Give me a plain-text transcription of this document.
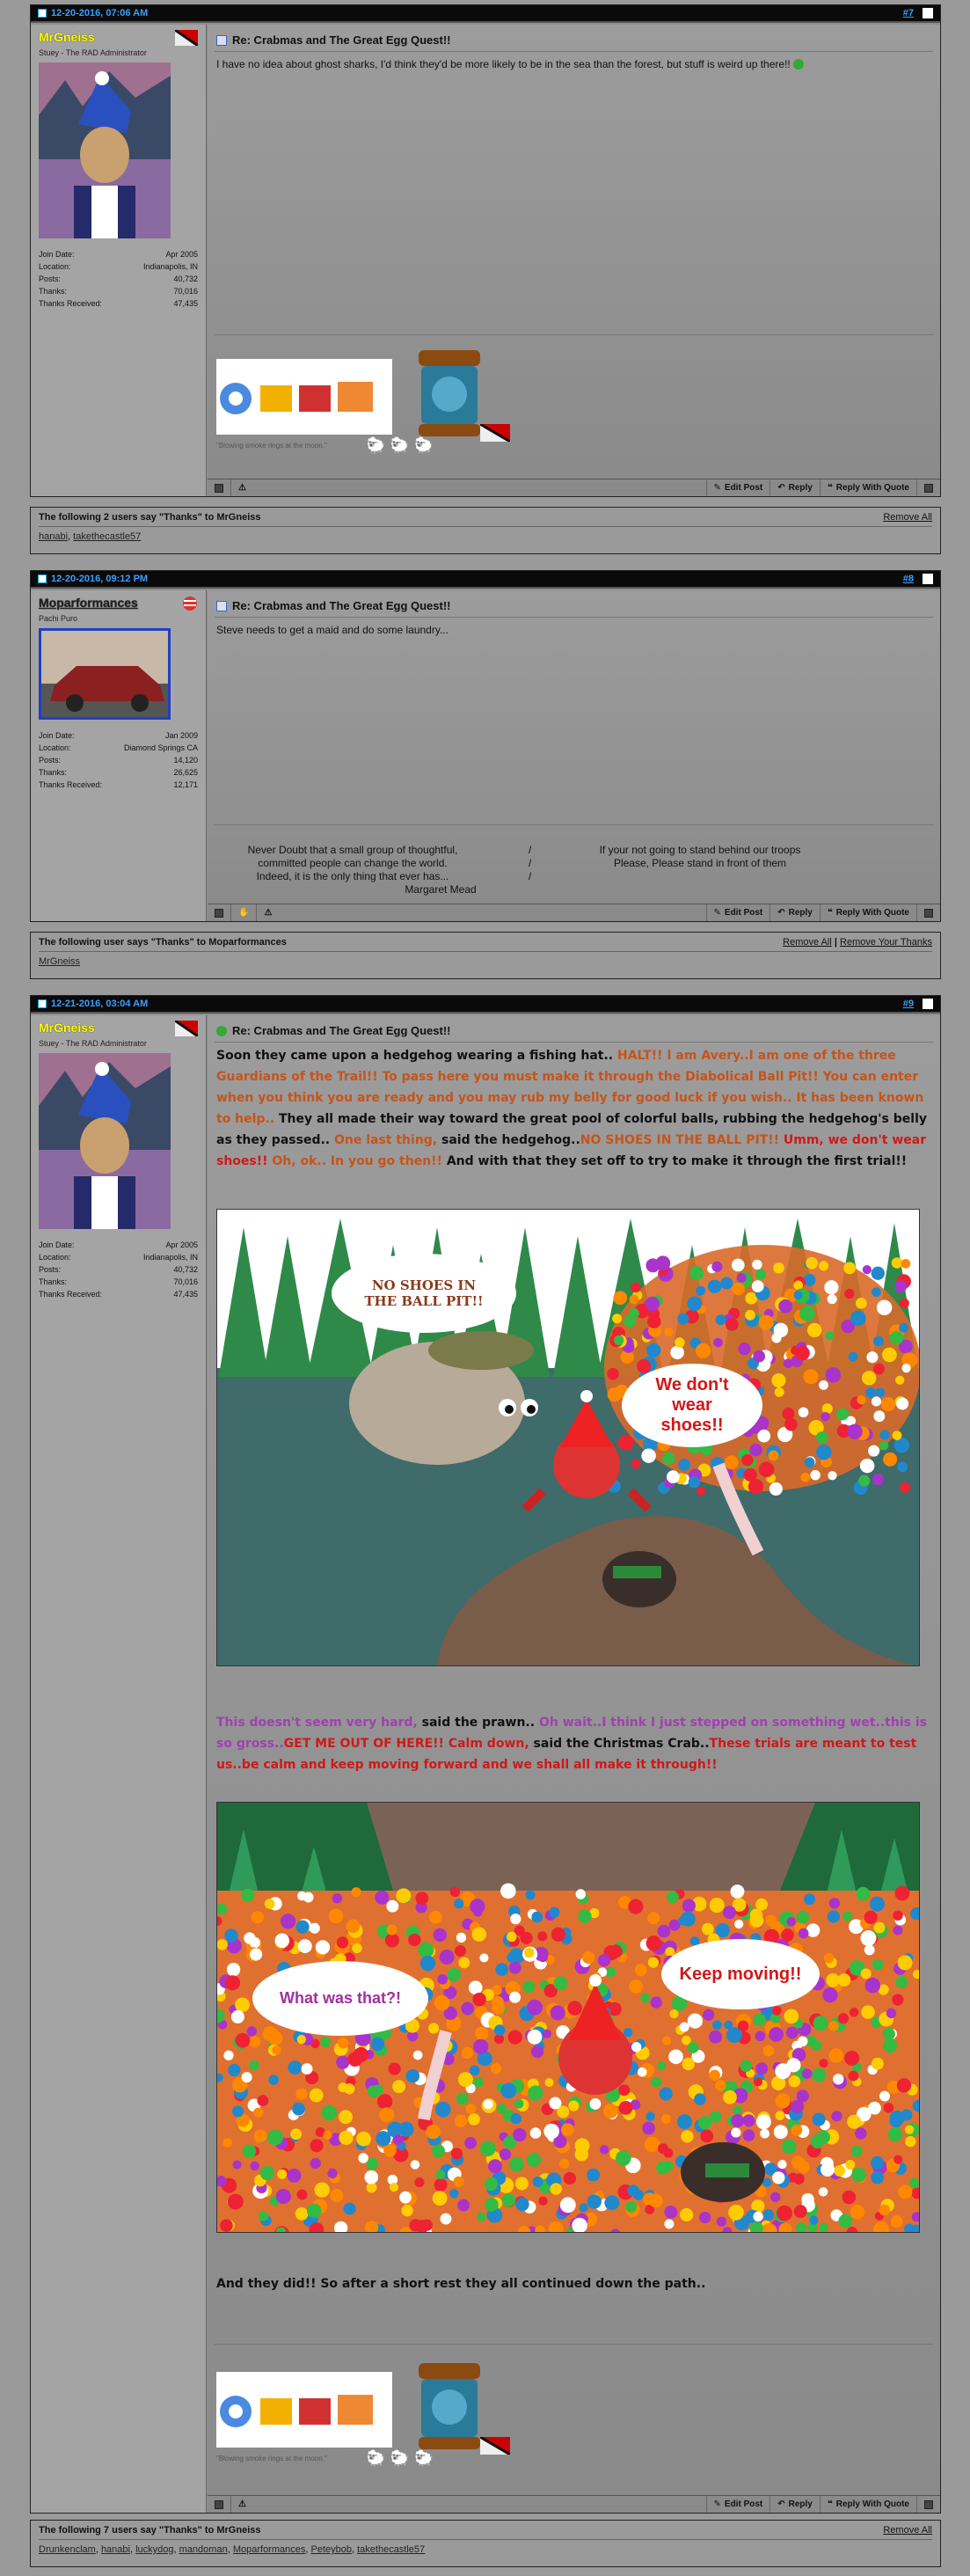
12-20-2016, 07:06 AM	#7
MrGneiss
Stuey - The RAD Administrator
Join Date:	Apr 2005
Location:	Indianapolis, IN
Posts:	40,732
Thanks:	70,016
Thanks Received:	47,435
Re: Crabmas and The Great Egg Quest!!
I have no idea about ghost sharks, I'd think they'd be more likely to be in the sea than the forest, but stuff is weird up there!!
"Blowing smoke rings at the moon." 🐑 🐑 🐑
⚠	✎ Edit Post ↶ Reply ❝ Reply With Quote
The following 2 users say "Thanks" to MrGneiss	Remove All
hanabi, takethecastle57
12-20-2016, 09:12 PM	#8
Moparformances
Pachi Puro
Join Date:	Jan 2009
Location:	Diamond Springs CA
Posts:	14,120
Thanks:	26,625
Thanks Received:	12,171
Re: Crabmas and The Great Egg Quest!!
Steve needs to get a maid and do some laundry...
Never Doubt that a small group of thoughtful,
committed people can change the world.
Indeed, it is the only thing that ever has...
Margaret Mead
/
/
/
If your not going to stand behind our troops
Please, Please stand in front of them
✋	⚠	✎ Edit Post ↶ Reply ❝ Reply With Quote
The following user says "Thanks" to Moparformances	Remove All | Remove Your Thanks
MrGneiss
12-21-2016, 03:04 AM	#9
MrGneiss
Stuey - The RAD Administrator
Join Date:	Apr 2005
Location:	Indianapolis, IN
Posts:	40,732
Thanks:	70,016
Thanks Received:	47,435
Re: Crabmas and The Great Egg Quest!!
Soon they came upon a hedgehog wearing a fishing hat.. HALT!! I am Avery..I am one of the three Guardians of the Trail!! To pass here you must make it through the Diabolical Ball Pit!! You can enter when you think you are ready and you may rub my belly for good luck if you wish.. It has been known to help.. They all made their way toward the great pool of colorful balls, rubbing the hedgehog's belly as they passed.. One last thing, said the hedgehog..NO SHOES IN THE BALL PIT!! Umm, we don't wear shoes!! Oh, ok.. In you go then!! And with that they set off to try to make it through the first trial!!
NO SHOES IN THE BALL PIT!!
We don't wear shoes!!
This doesn't seem very hard, said the prawn.. Oh wait..I think I just stepped on something wet..this is so gross..GET ME OUT OF HERE!! Calm down, said the Christmas Crab..These trials are meant to test us..be calm and keep moving forward and we shall all make it through!!
What was that?!
Keep moving!!
And they did!! So after a short rest they all continued down the path..
"Blowing smoke rings at the moon." 🐑 🐑 🐑
⚠	✎ Edit Post ↶ Reply ❝ Reply With Quote
The following 7 users say "Thanks" to MrGneiss	Remove All
Drunkenclam, hanabi, luckydog, mandoman, Moparformances, Peteybob, takethecastle57
